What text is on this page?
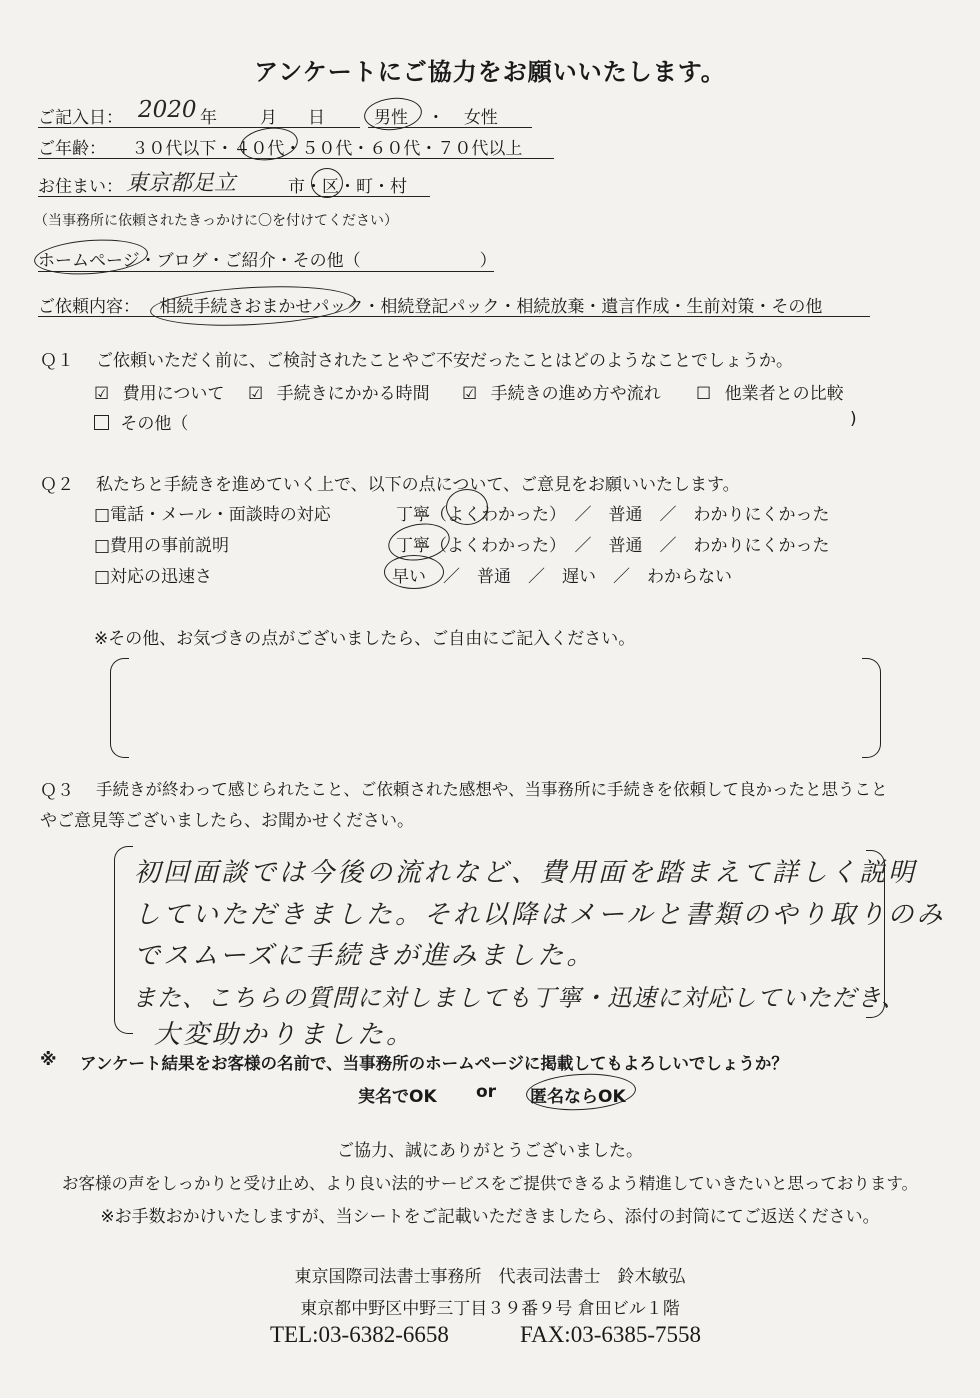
アンケートにご協力をお願いいたします。
ご記入日： 2020 年	月 日	男性 ・ 女性
ご年齢： ３０代以下・４０代・５０代・６０代・７０代以上
お住まい： 東京都足立	市・区・町・村
（当事務所に依頼されたきっかけに〇を付けてください）
ホームページ・ブログ・ご紹介・その他（　　　　　　　）
ご依頼内容： 相続手続きおまかせパック・相続登記パック・相続放棄・遺言作成・生前対策・その他
Ｑ１ ご依頼いただく前に、ご検討されたことやご不安だったことはどのようなことでしょうか。
☑ 費用について ☑ 手続きにかかる時間 ☑ 手続きの進め方や流れ ☐ 他業者との比較
その他（	)
Ｑ２ 私たちと手続きを進めていく上で、以下の点について、ご意見をお願いいたします。
□電話・メール・面談時の対応	丁寧（よくわかった）　／　普通　／　わかりにくかった
□費用の事前説明	丁寧（よくわかった）　／　普通　／　わかりにくかった
□対応の迅速さ	早い　／　普通　／　遅い　／　わからない
※その他、お気づきの点がございましたら、ご自由にご記入ください。
Ｑ３ 手続きが終わって感じられたこと、ご依頼された感想や、当事務所に手続きを依頼して良かったと思うこと
やご意見等ございましたら、お聞かせください。
初回面談では今後の流れなど、費用面を踏まえて詳しく説明
していただきました。それ以降はメールと書類のやり取りのみ
でスムーズに手続きが進みました。
また、こちらの質問に対しましても丁寧・迅速に対応していただき、
大変助かりました。
※ アンケート結果をお客様の名前で、当事務所のホームページに掲載してもよろしいでしょうか？
実名でOK or 匿名ならOK
ご協力、誠にありがとうございました。
お客様の声をしっかりと受け止め、より良い法的サービスをご提供できるよう精進していきたいと思っております。
※お手数おかけいたしますが、当シートをご記載いただきましたら、添付の封筒にてご返送ください。
東京国際司法書士事務所　代表司法書士　鈴木敏弘
東京都中野区中野三丁目３９番９号 倉田ビル１階
TEL:03-6382-6658	FAX:03-6385-7558
